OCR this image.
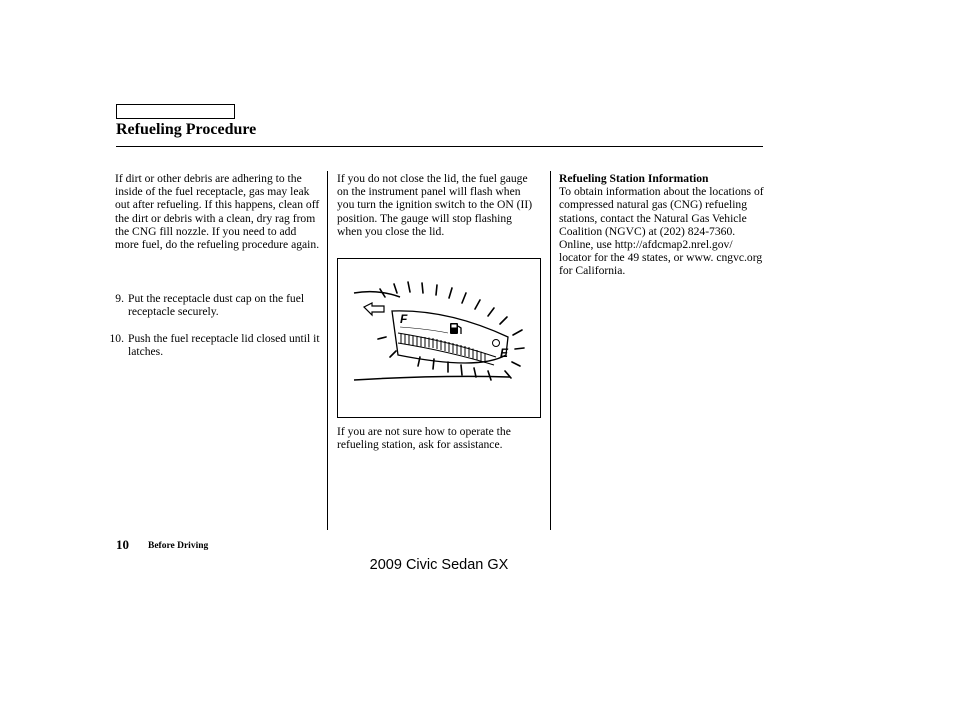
Refueling Procedure

If dirt or other debris are adhering to the inside of the fuel receptacle, gas may leak out after refueling. If this happens, clean off the dirt or debris with a clean, dry rag from the CNG fill nozzle. If you need to add more fuel, do the refueling procedure again.

9. Put the receptacle dust cap on the fuel receptacle securely.
10. Push the fuel receptacle lid closed until it latches.

If you do not close the lid, the fuel gauge on the instrument panel will flash when you turn the ignition switch to the ON (II) position. The gauge will stop flashing when you close the lid.

F
E

If you are not sure how to operate the refueling station, ask for assistance.

Refueling Station Information

To obtain information about the locations of compressed natural gas (CNG) refueling stations, contact the Natural Gas Vehicle Coalition (NGVC) at (202) 824-7360. Online, use http://afdcmap2.nrel.gov/ locator for the 49 states, or www. cngvc.org for California.

10 Before Driving
2009 Civic Sedan GX
